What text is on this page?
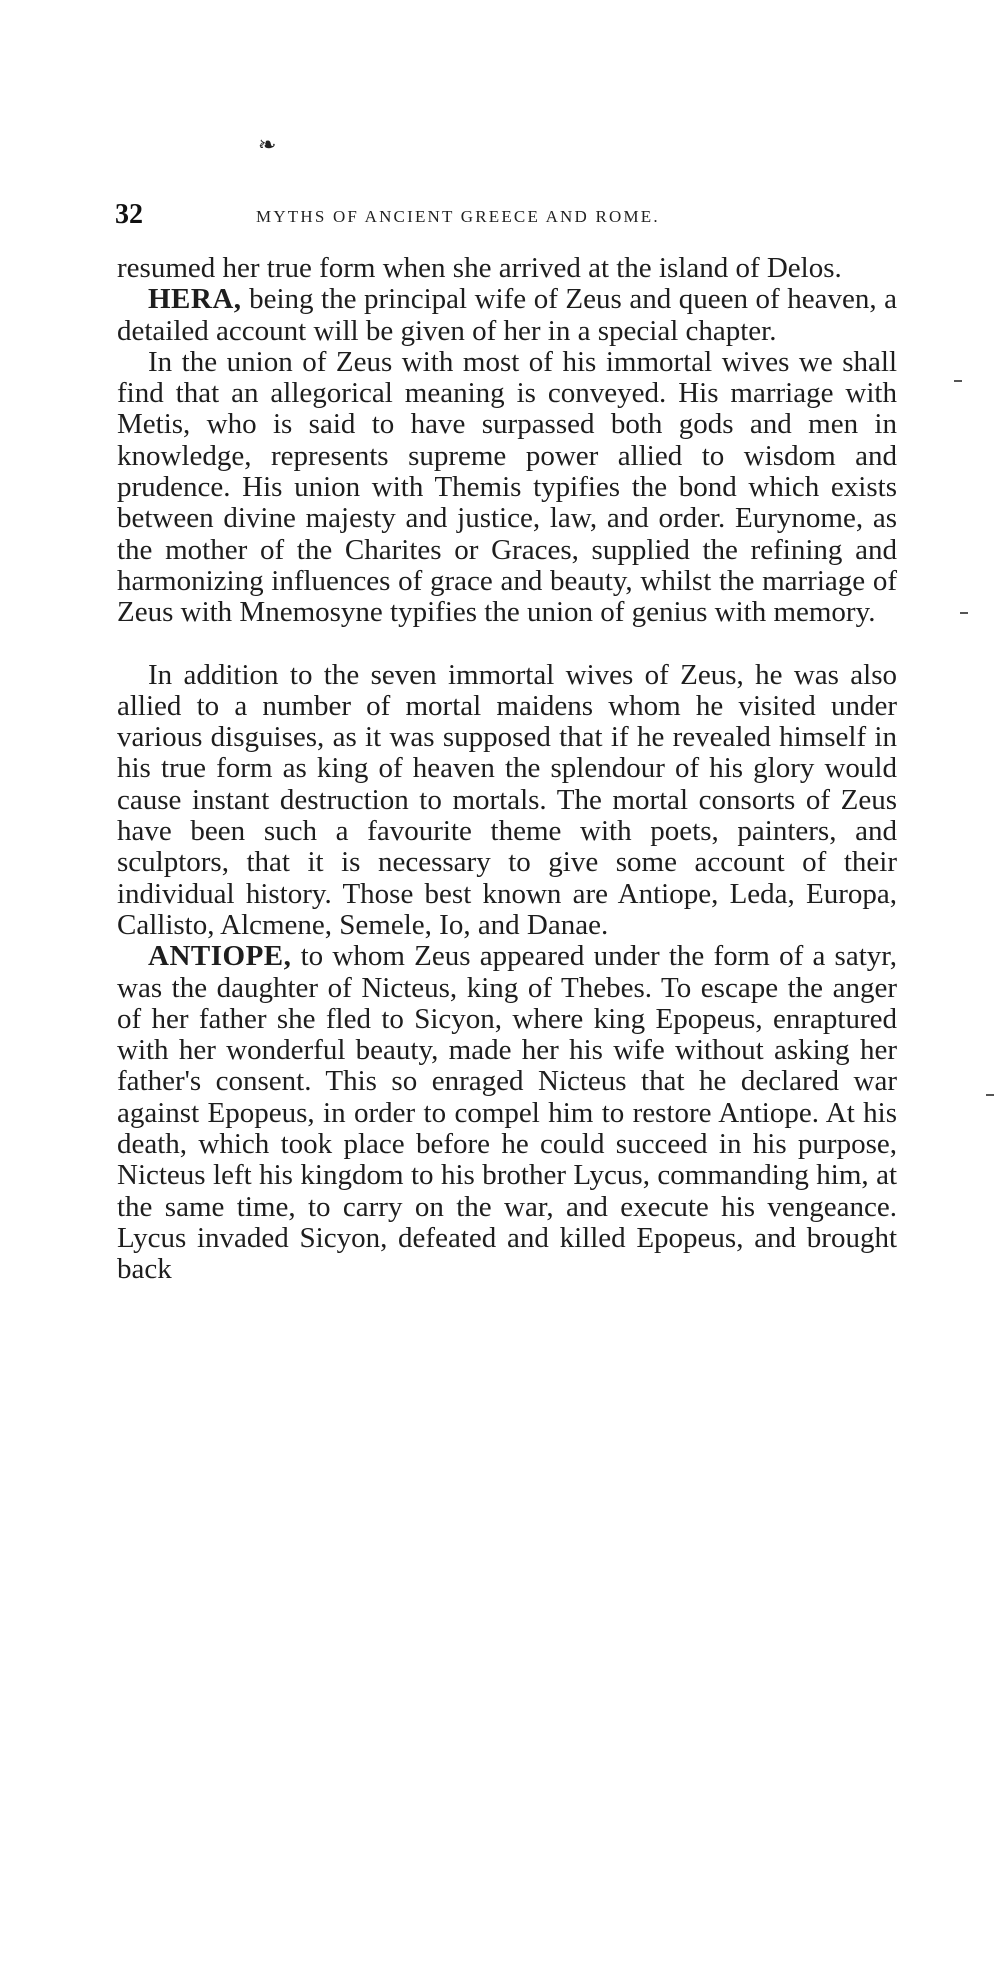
❧
32	MYTHS OF ANCIENT GREECE AND ROME.

resumed her true form when she arrived at the island of Delos.

HERA, being the principal wife of Zeus and queen of heaven, a detailed account will be given of her in a special chapter.

In the union of Zeus with most of his immortal wives we shall find that an allegorical meaning is conveyed. His marriage with Metis, who is said to have surpassed both gods and men in knowledge, represents supreme power allied to wisdom and prudence. His union with Themis typifies the bond which exists between divine majesty and justice, law, and order. Eurynome, as the mother of the Charites or Graces, supplied the refining and harmonizing influences of grace and beauty, whilst the marriage of Zeus with Mnemosyne typifies the union of genius with memory.

In addition to the seven immortal wives of Zeus, he was also allied to a number of mortal maidens whom he visited under various disguises, as it was supposed that if he revealed himself in his true form as king of heaven the splendour of his glory would cause instant destruction to mortals. The mortal consorts of Zeus have been such a favourite theme with poets, painters, and sculptors, that it is necessary to give some account of their individual history. Those best known are Antiope, Leda, Europa, Callisto, Alcmene, Semele, Io, and Danae.

ANTIOPE, to whom Zeus appeared under the form of a satyr, was the daughter of Nicteus, king of Thebes. To escape the anger of her father she fled to Sicyon, where king Epopeus, enraptured with her wonderful beauty, made her his wife without asking her father's consent. This so enraged Nicteus that he declared war against Epopeus, in order to compel him to restore Antiope. At his death, which took place before he could succeed in his purpose, Nicteus left his kingdom to his brother Lycus, commanding him, at the same time, to carry on the war, and execute his vengeance. Lycus invaded Sicyon, defeated and killed Epopeus, and brought back
